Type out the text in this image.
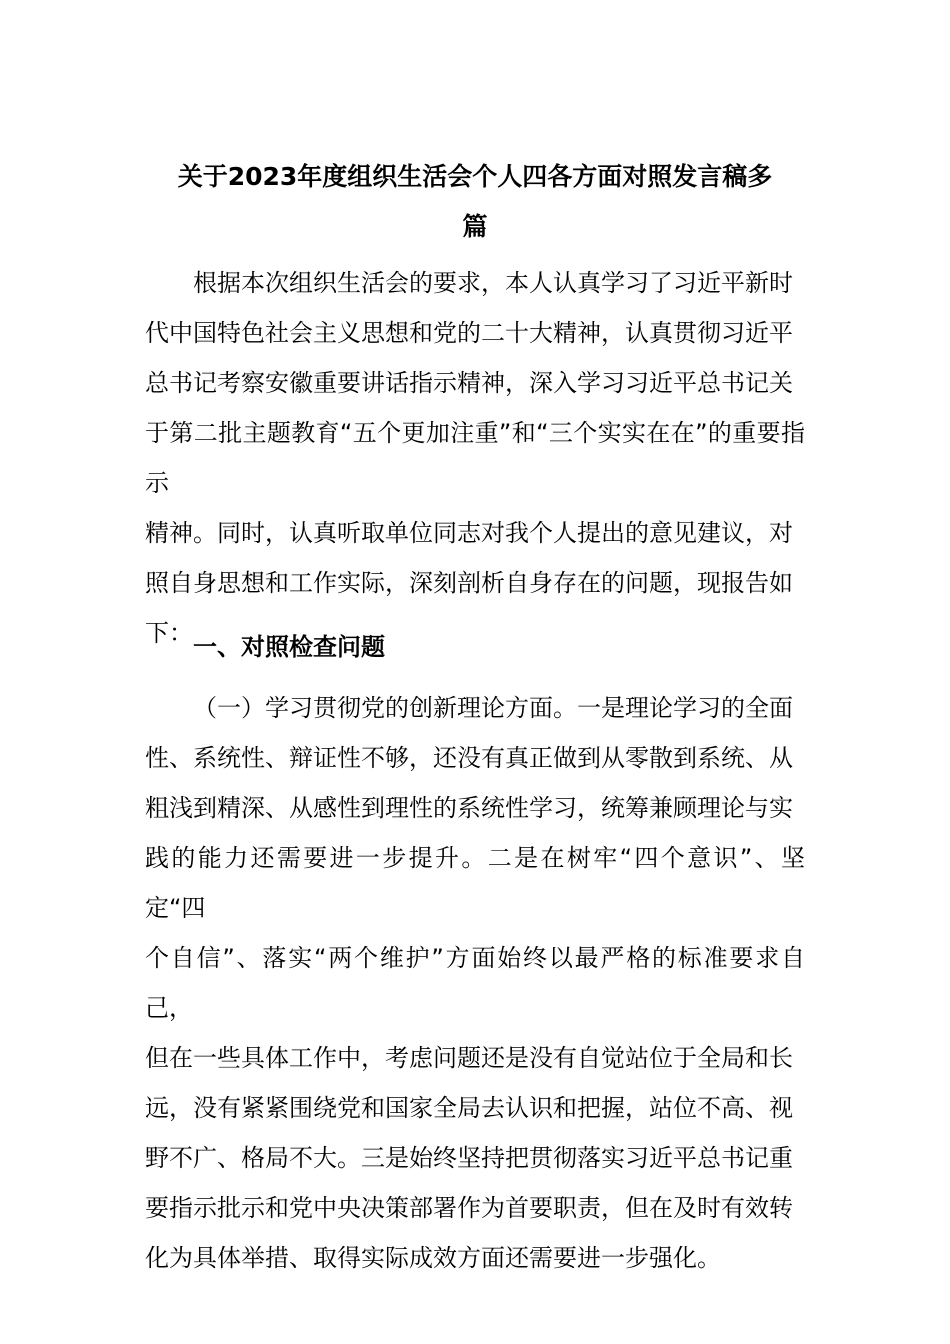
关于2023年度组织生活会个人四各方面对照发言稿多
篇
根据本次组织生活会的要求，本人认真学习了习近平新时
代中国特色社会主义思想和党的二十大精神，认真贯彻习近平
总书记考察安徽重要讲话指示精神，深入学习习近平总书记关
于第二批主题教育“五个更加注重”和“三个实实在在”的重要指示
精神。同时，认真听取单位同志对我个人提出的意见建议，对
照自身思想和工作实际，深刻剖析自身存在的问题，现报告如
下： 一、对照检查问题
（一）学习贯彻党的创新理论方面。一是理论学习的全面
性、系统性、辩证性不够，还没有真正做到从零散到系统、从
粗浅到精深、从感性到理性的系统性学习，统筹兼顾理论与实
践的能力还需要进一步提升。二是在树牢“四个意识”、坚定“四
个自信”、落实“两个维护”方面始终以最严格的标准要求自己，
但在一些具体工作中，考虑问题还是没有自觉站位于全局和长
远，没有紧紧围绕党和国家全局去认识和把握，站位不高、视
野不广、格局不大。三是始终坚持把贯彻落实习近平总书记重
要指示批示和党中央决策部署作为首要职责，但在及时有效转
化为具体举措、取得实际成效方面还需要进一步强化。
